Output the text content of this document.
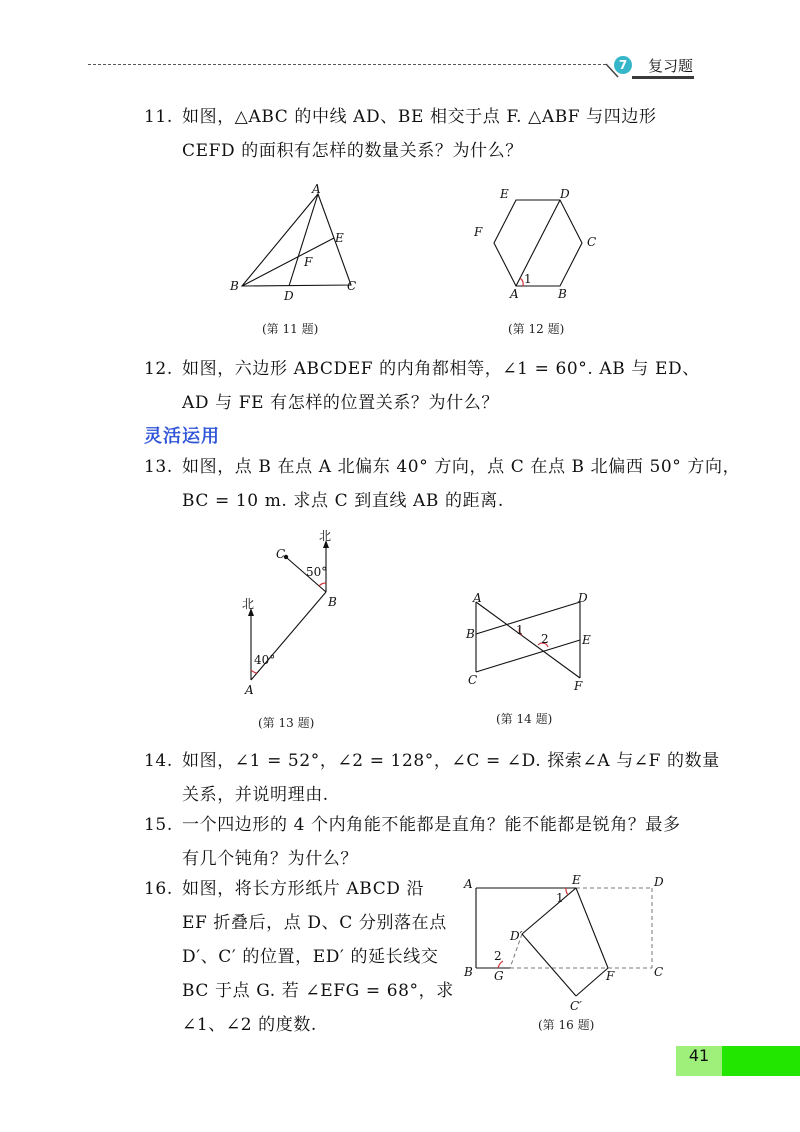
7	复习题
11. 如图，△ABC 的中线 AD、BE 相交于点 F. △ABF 与四边形
CEFD 的面积有怎样的数量关系？为什么？
A
B	C
D
E
F
(第 11 题)
A	B
C
D
E
F
1
(第 12 题)
12. 如图，六边形 ABCDEF 的内角都相等，∠1 = 60°. AB 与 ED、
AD 与 FE 有怎样的位置关系？为什么？
灵活运用
13. 如图，点 B 在点 A 北偏东 40° 方向，点 C 在点 B 北偏西 50° 方向，
BC = 10 m. 求点 C 到直线 AB 的距离.
北
北
C
B
A
40°
50°
(第 13 题)
A
B
C
D
E
F
1
2
(第 14 题)
14. 如图，∠1 = 52°，∠2 = 128°，∠C = ∠D. 探索∠A 与∠F 的数量
关系，并说明理由.
15. 一个四边形的 4 个内角能不能都是直角？能不能都是锐角？最多
有几个钝角？为什么？
16. 如图，将长方形纸片 ABCD 沿
EF 折叠后，点 D、C 分别落在点
D′、C′ 的位置，ED′ 的延长线交
BC 于点 G. 若 ∠EFG = 68°，求
∠1、∠2 的度数.
A
B	C
D
E
F
G
D′
C′
1
2
(第 16 题)
41
